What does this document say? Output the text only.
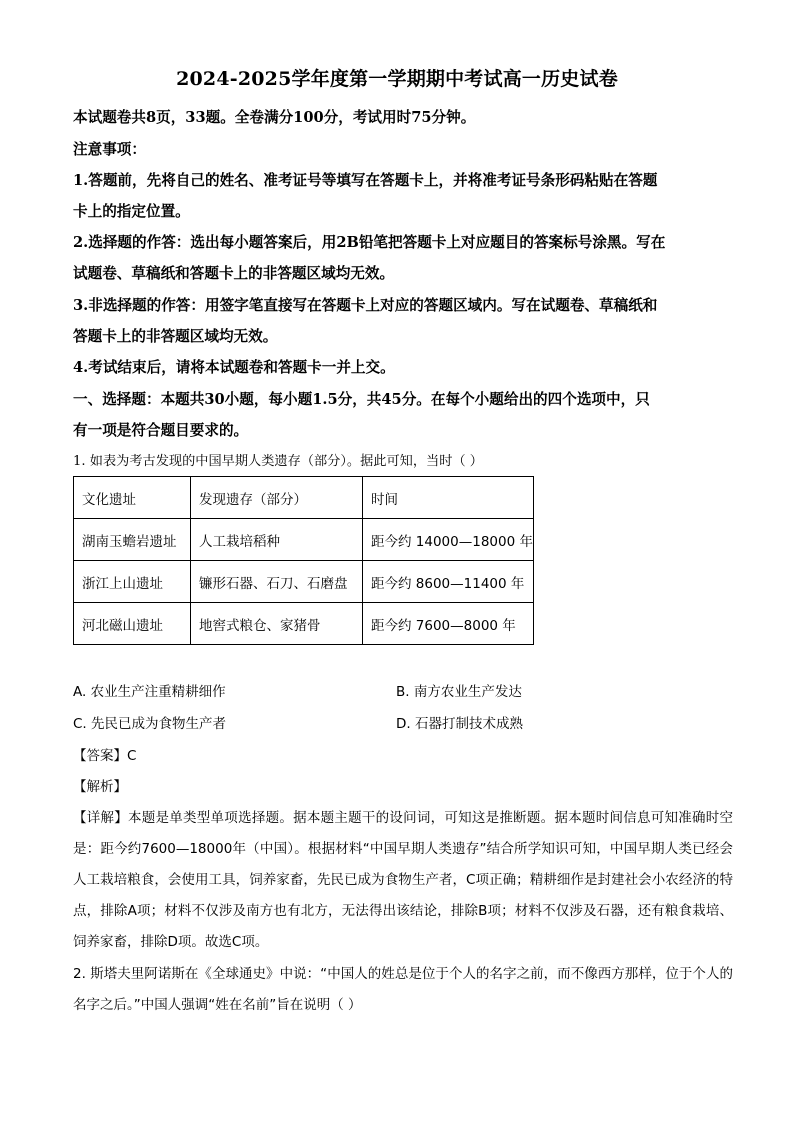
2024-2025学年度第一学期期中考试高一历史试卷
本试题卷共8页，33题。全卷满分100分，考试用时75分钟。
注意事项：
1.答题前，先将自己的姓名、准考证号等填写在答题卡上，并将准考证号条形码粘贴在答题
卡上的指定位置。
2.选择题的作答：选出每小题答案后，用2B铅笔把答题卡上对应题目的答案标号涂黑。写在
试题卷、草稿纸和答题卡上的非答题区域均无效。
3.非选择题的作答：用签字笔直接写在答题卡上对应的答题区域内。写在试题卷、草稿纸和
答题卡上的非答题区域均无效。
4.考试结束后，请将本试题卷和答题卡一并上交。
一、选择题：本题共30小题，每小题1.5分，共45分。在每个小题给出的四个选项中，只
有一项是符合题目要求的。
1. 如表为考古发现的中国早期人类遗存（部分）。据此可知，当时（ ）
文化遗址	发现遗存（部分）	时间
湖南玉蟾岩遗址	人工栽培稻种	距今约 14000—18000 年
浙江上山遗址	镰形石器、石刀、石磨盘	距今约 8600—11400 年
河北磁山遗址	地窖式粮仓、家猪骨	距今约 7600—8000 年
A. 农业生产注重精耕细作	B. 南方农业生产发达
C. 先民已成为食物生产者	D. 石器打制技术成熟
【答案】C
【解析】
【详解】本题是单类型单项选择题。据本题主题干的设问词，可知这是推断题。据本题时间信息可知准确时空是：距今约7600—18000年（中国）。根据材料“中国早期人类遗存”结合所学知识可知，中国早期人类已经会人工栽培粮食，会使用工具，饲养家畜，先民已成为食物生产者，C项正确；精耕细作是封建社会小农经济的特点，排除A项；材料不仅涉及南方也有北方，无法得出该结论，排除B项；材料不仅涉及石器，还有粮食栽培、饲养家畜，排除D项。故选C项。
2. 斯塔夫里阿诺斯在《全球通史》中说：“中国人的姓总是位于个人的名字之前，而不像西方那样，位于个人的名字之后。”中国人强调“姓在名前”旨在说明（ ）
